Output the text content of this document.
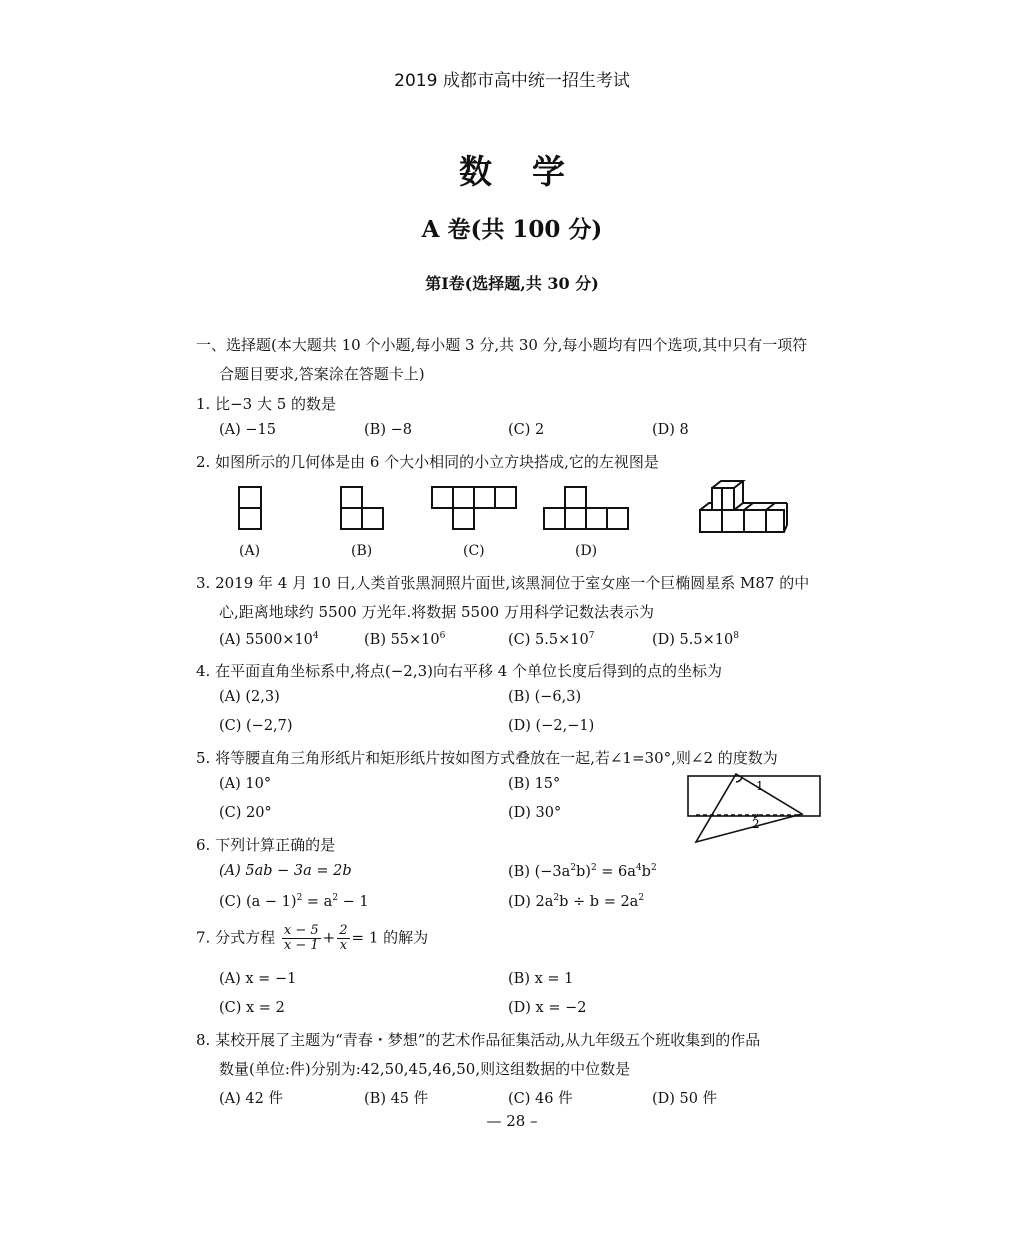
2019 成都市高中统一招生考试
数学
A 卷(共 100 分)
第Ⅰ卷(选择题,共 30 分)
一、选择题(本大题共 10 个小题,每小题 3 分,共 30 分,每小题均有四个选项,其中只有一项符
合题目要求,答案涂在答题卡上)
1. 比−3 大 5 的数是
(A) −15	(B) −8	(C) 2	(D) 8
2. 如图所示的几何体是由 6 个大小相同的小立方块搭成,它的左视图是
(A)	(B)	(C)	(D)
3. 2019 年 4 月 10 日,人类首张黑洞照片面世,该黑洞位于室女座一个巨椭圆星系 M87 的中
心,距离地球约 5500 万光年.将数据 5500 万用科学记数法表示为
(A) $5500\times 10^4$	(B) $55\times 10^6$	(C) $5.5\times 10^7$	(D) $5.5\times 10^8$
4. 在平面直角坐标系中,将点(−2,3)向右平移 4 个单位长度后得到的点的坐标为
(A) (2,3)	(B) (−6,3)
(C) (−2,7)	(D) (−2,−1)
5. 将等腰直角三角形纸片和矩形纸片按如图方式叠放在一起,若∠1=30°,则∠2 的度数为
(A) 10°	(B) 15°
(C) 20°	(D) 30°
1
2
6. 下列计算正确的是
(A) 5ab − 3a = 2b	(B) $(-3a^2b)^2 = 6a^4b^2$
(C) $(a - 1)^2 = a^2 - 1$	(D) $2a^2b \div b = 2a^2$
7. 分式方程 $\frac{x - 5}{x - 1} + \frac{2}{x} = 1$ 的解为
(A) x = −1	(B) x = 1
(C) x = 2	(D) x = −2
8. 某校开展了主题为“青春・梦想”的艺术作品征集活动,从九年级五个班收集到的作品
数量(单位:件)分别为:42,50,45,46,50,则这组数据的中位数是
(A) 42 件	(B) 45 件	(C) 46 件	(D) 50 件
— 28 –
